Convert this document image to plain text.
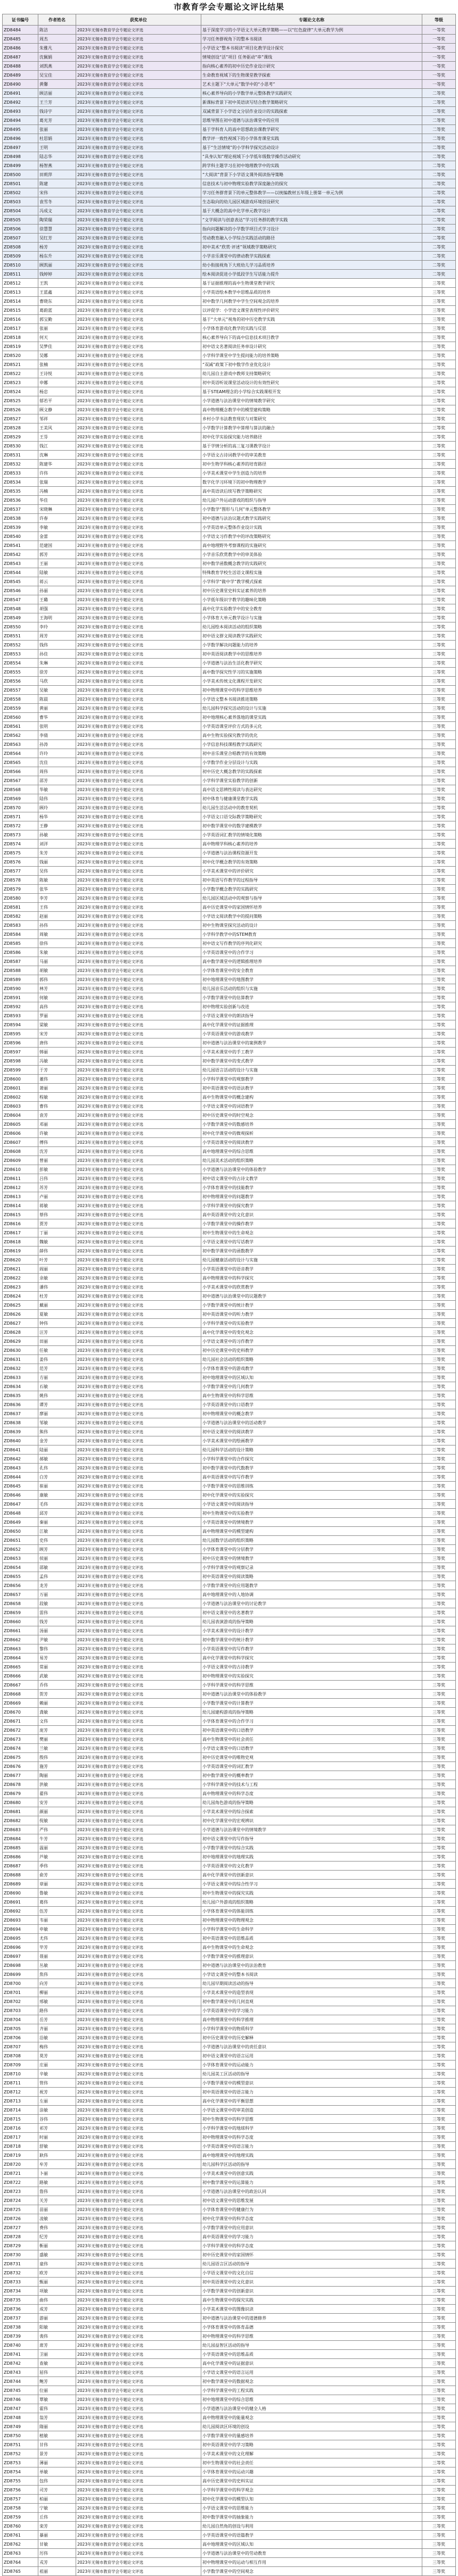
市教育学会专题论文评比结果
证书编号	作者姓名	获奖单位	专题论文名称	等级
ZD8484	陈洁	2023年无锡市教育学会专题论文评选	基于深度学习的小学语文大单元教学策略——以“红色旋律”大单元教学为例	一等奖
ZD8485	周杰	2023年无锡市教育学会专题论文评选	学习任务群视角下的整本书阅读	一等奖
ZD8486	朱雅凡	2023年无锡市教育学会专题论文评选	小学语文“整本书阅读”项目化教学设计探究	一等奖
ZD8487	沈佩娟	2023年无锡市教育学会专题论文评选	情境创设“活”项目 任务驱动“串”课线	一等奖
ZD8488	刘凯燕	2023年无锡市教育学会专题论文评选	指向核心素养的初中历史作业设计研究	一等奖
ZD8489	吴宝佳	2023年无锡市教育学会专题论文评选	生命教育视域下的生物课堂教学探索	一等奖
ZD8490	黄馨	2023年无锡市教育学会专题论文评选	艺术主题下“大单元”数学中的“小思考”	一等奖
ZD8491	顾洁丽	2023年无锡市教育学会专题论文评选	核心素养导向的小学数学单元整体教学实践研究	二等奖
ZD8492	王兰芳	2023年无锡市教育学会专题论文评选	新课标背景下初中英语读写结合教学策略研究	二等奖
ZD8493	钱诗宇	2023年无锡市教育学会专题论文评选	双减背景下小学语文分层作业设计的实践探索	二等奖
ZD8494	葛光芳	2023年无锡市教育学会专题论文评选	思维导图在初中道德与法治课堂中的应用	二等奖
ZD8495	张丽	2023年无锡市教育学会专题论文评选	基于学科育人的高中思想政治课教学研究	二等奖
ZD8496	杜思娟	2023年无锡市教育学会专题论文评选	教学评一致性视域下的小学体育课堂实践	二等奖
ZD8497	王明	2023年无锡市教育学会专题论文评选	基于“生活情境”的小学科学探究活动设计	二等奖
ZD8498	陆志华	2023年无锡市教育学会专题论文评选	“具身认知”理论视域下小学低年级数学操作活动研究	二等奖
ZD8499	杨智燕	2023年无锡市教育学会专题论文评选	跨学科主题学习在初中地理教学中的实践	二等奖
ZD8500	田莉萍	2023年无锡市教育学会专题论文评选	“大阅读”背景下小学语文课外阅读指导策略	二等奖
ZD8501	陈建	2023年无锡市教育学会专题论文评选	信息技术与初中物理实验教学深度融合的探究	二等奖
ZD8502	宋伟	2023年无锡市教育学会专题论文评选	学习任务群背景下的单元整体教学——以统编教材五年级上册第一单元为例	二等奖
ZD8503	袁雪冬	2023年无锡市教育学会专题论文评选	生态取向的幼儿园区域游戏环境创设研究	二等奖
ZD8504	冯成文	2023年无锡市教育学会专题论文评选	基于大概念的高中化学单元教学设计	二等奖
ZD8505	陶荣瑞	2023年无锡市教育学会专题论文评选	“文学阅读与创意表达”学习任务群的教学实践	二等奖
ZD8506	徐慧慧	2023年无锡市教育学会专题论文评选	指向问题解决的小学数学项目式学习设计	二等奖
ZD8507	吴红芳	2023年无锡市教育学会专题论文评选	劳动教育融入小学综合实践活动的路径	二等奖
ZD8508	杨芳	2023年无锡市教育学会专题论文评选	初中美术“欣赏·评述”领域教学策略研究	二等奖
ZD8509	杨东升	2023年无锡市教育学会专题论文评选	小学音乐课堂中的律动教学实践探索	二等奖
ZD8510	顾凯丽	2023年无锡市教育学会专题论文评选	幼小衔接视角下大班幼儿学习品质培养	二等奖
ZD8511	钱婷婷	2023年无锡市教育学会专题论文评选	绘本阅读促进小学低段学生写话能力提升	二等奖
ZD8512	王凯	2023年无锡市教育学会专题论文评选	基于证据推理的高中生物课堂教学研究	三等奖
ZD8513	王蓝鑫	2023年无锡市教育学会专题论文评选	小学英语绘本教学中思维品质的培养	三等奖
ZD8514	曹晓东	2023年无锡市教育学会专题论文评选	初中数学几何教学中学生空间观念的培养	三等奖
ZD8515	葛蔚蓝	2023年无锡市教育学会专题论文评选	以评促学：小学语文课堂表现性评价研究	三等奖
ZD8516	郭宝勤	2023年无锡市教育学会专题论文评选	基于“大单元”视角的初中历史教学实践	三等奖
ZD8517	张丽	2023年无锡市教育学会专题论文评选	小学体育游戏化教学的实践与反思	三等奖
ZD8518	何天	2023年无锡市教育学会专题论文评选	核心素养导向下的高中信息技术项目教学	三等奖
ZD8519	吴梦佳	2023年无锡市教育学会专题论文评选	初中语文名著阅读任务单设计研究	三等奖
ZD8520	吴娜	2023年无锡市教育学会专题论文评选	小学科学课堂中学生提问能力的培养策略	三等奖
ZD8521	张楠	2023年无锡市教育学会专题论文评选	“双减”政策下初中数学作业优化设计	三等奖
ZD8522	王诗悦	2023年无锡市教育学会专题论文评选	幼儿园自主游戏中教师支持策略研究	三等奖
ZD8523	申娜	2023年无锡市教育学会专题论文评选	初中英语听说课堂活动设计的有效性研究	三等奖
ZD8524	杨忠	2023年无锡市教育学会专题论文评选	基于STEAM理念的小学综合实践课程开发	三等奖
ZD8525	郁若平	2023年无锡市教育学会专题论文评选	小学道德与法治课堂中的情境教学研究	三等奖
ZD8526	顾文静	2023年无锡市教育学会专题论文评选	高中物理概念教学中的模型建构策略	三等奖
ZD8527	邹祥	2023年无锡市教育学会专题论文评选	乡村小学书法教育现状与对策研究	三等奖
ZD8528	王美风	2023年无锡市教育学会专题论文评选	小学数学计算教学中算理与算法的融合	三等奖
ZD8529	王芬	2023年无锡市教育学会专题论文评选	初中化学实验探究能力培养路径	三等奖
ZD8530	钱江	2023年无锡市教育学会专题论文评选	基于学情分析的高三复习课教学设计	三等奖
ZD8531	沈琳	2023年无锡市教育学会专题论文评选	小学语文古诗词教学中的审美教育	三等奖
ZD8532	陈建华	2023年无锡市教育学会专题论文评选	初中生物学科核心素养的培育路径	三等奖
ZD8533	许伟	2023年无锡市教育学会专题论文评选	小学美术课堂中学生创造力的培养	三等奖
ZD8534	张瑞	2023年无锡市教育学会专题论文评选	数字化学习环境下的初中物理教学	三等奖
ZD8535	冯楠	2023年无锡市教育学会专题论文评选	高中英语读后续写教学策略研究	三等奖
ZD8536	华佳	2023年无锡市教育学会专题论文评选	幼儿园户外运动游戏的组织与指导	三等奖
ZD8537	宋晓琳	2023年无锡市教育学会专题论文评选	小学数学“图形与几何”单元整体教学	三等奖
ZD8538	许春	2023年无锡市教育学会专题论文评选	初中道德与法治议题式教学实践研究	三等奖
ZD8539	李敏	2023年无锡市教育学会专题论文评选	小学英语单元整体作业设计实践	三等奖
ZD8540	金蕾	2023年无锡市教育学会专题论文评选	小学语文习作教学中的评改策略研究	三等奖
ZD8541	范建国	2023年无锡市教育学会专题论文评选	高中地理野外考察课程的实施研究	三等奖
ZD8542	郭芳	2023年无锡市教育学会专题论文评选	小学音乐欣赏教学中的审美体验	三等奖
ZD8543	王丽	2023年无锡市教育学会专题论文评选	初中数学函数概念教学的实践研究	三等奖
ZD8544	陆敏	2023年无锡市教育学会专题论文评选	特殊教育学校生活语文课程实施	三等奖
ZD8545	蒋云	2023年无锡市教育学会专题论文评选	小学科学“做中学”教学模式探索	三等奖
ZD8546	孙丽	2023年无锡市教育学会专题论文评选	初中历史课堂史料实证素养的培养	三等奖
ZD8547	王璐	2023年无锡市教育学会专题论文评选	小学低年级识字教学的趣味化策略	三等奖
ZD8548	胡强	2023年无锡市教育学会专题论文评选	高中化学实验教学中的安全教育	三等奖
ZD8549	王海明	2023年无锡市教育学会专题论文评选	小学体育大单元教学设计与实施	三等奖
ZD8550	李玲	2023年无锡市教育学会专题论文评选	幼儿园绘本阅读活动的组织策略	三等奖
ZD8551	周芳	2023年无锡市教育学会专题论文评选	初中语文群文阅读教学实践研究	三等奖
ZD8552	钱伟	2023年无锡市教育学会专题论文评选	小学数学解决问题能力的培养	三等奖
ZD8553	孙佳	2023年无锡市教育学会专题论文评选	初中英语阅读教学中的思维培养	三等奖
ZD8554	朱琳	2023年无锡市教育学会专题论文评选	小学道德与法治生活化教学研究	三等奖
ZD8555	徐芳	2023年无锡市教育学会专题论文评选	高中数学探究性学习的实施策略	三等奖
ZD8556	马欣	2023年无锡市教育学会专题论文评选	小学美术传统文化课程开发研究	三等奖
ZD8557	吴敏	2023年无锡市教育学会专题论文评选	初中物理课堂中的科学思维培养	三等奖
ZD8558	陈晨	2023年无锡市教育学会专题论文评选	小学语文整本书阅读推进策略	三等奖
ZD8559	黄丽	2023年无锡市教育学会专题论文评选	幼儿园科学探究活动的设计与实施	三等奖
ZD8560	曹华	2023年无锡市教育学会专题论文评选	初中地理核心素养落地的课堂实践	三等奖
ZD8561	张明	2023年无锡市教育学会专题论文评选	小学英语课堂评价方式的多元化	三等奖
ZD8562	李倩	2023年无锡市教育学会专题论文评选	高中生物实验探究教学的优化	三等奖
ZD8563	孙涛	2023年无锡市教育学会专题论文评选	小学信息科技课程教学实践研究	三等奖
ZD8564	许玲	2023年无锡市教育学会专题论文评选	初中音乐课堂合唱教学的有效策略	三等奖
ZD8565	沈佳	2023年无锡市教育学会专题论文评选	小学数学作业分层设计与实践	三等奖
ZD8566	周伟	2023年无锡市教育学会专题论文评选	初中历史大概念教学的实践探索	三等奖
ZD8567	邵芳	2023年无锡市教育学会专题论文评选	小学科学课堂实验教学的创新	三等奖
ZD8568	华敏	2023年无锡市教育学会专题论文评选	高中语文思辨性阅读与表达研究	三等奖
ZD8569	陆伟	2023年无锡市教育学会专题论文评选	初中体育与健康课堂教学实践	三等奖
ZD8570	顾玲	2023年无锡市教育学会专题论文评选	幼儿园生活活动中的教育契机	三等奖
ZD8571	杨华	2023年无锡市教育学会专题论文评选	小学语文口语交际教学策略研究	三等奖
ZD8572	王静	2023年无锡市教育学会专题论文评选	初中数学课堂中的数学建模教学	三等奖
ZD8573	孙敏	2023年无锡市教育学会专题论文评选	小学英语词汇教学的情境化策略	三等奖
ZD8574	刘洋	2023年无锡市教育学会专题论文评选	高中物理学科核心素养的培养	三等奖
ZD8575	朱芳	2023年无锡市教育学会专题论文评选	小学道德与法治课程资源开发	三等奖
ZD8576	钱丽	2023年无锡市教育学会专题论文评选	初中化学概念教学的有效策略	三等奖
ZD8577	吴伟	2023年无锡市教育学会专题论文评选	小学美术课堂中的评价研究	三等奖
ZD8578	陈敏	2023年无锡市教育学会专题论文评选	初中英语写作教学的过程指导	三等奖
ZD8579	张华	2023年无锡市教育学会专题论文评选	小学数学概念教学的实践研究	三等奖
ZD8580	李芳	2023年无锡市教育学会专题论文评选	幼儿园区域活动中的观察与指导	三等奖
ZD8581	王伟	2023年无锡市教育学会专题论文评选	高中历史课堂中的家国情怀培养	三等奖
ZD8582	赵丽	2023年无锡市教育学会专题论文评选	小学语文阅读教学中的提问策略	三等奖
ZD8583	孙伟	2023年无锡市教育学会专题论文评选	初中生物课堂探究活动的设计	三等奖
ZD8584	周敏	2023年无锡市教育学会专题论文评选	小学科学教学中的STEM教育	三等奖
ZD8585	徐伟	2023年无锡市教育学会专题论文评选	初中语文写作教学的序列化研究	三等奖
ZD8586	朱敏	2023年无锡市教育学会专题论文评选	小学英语课堂中的合作学习	三等奖
ZD8587	马丽	2023年无锡市教育学会专题论文评选	高中数学课堂中的逻辑推理培养	三等奖
ZD8588	胡敏	2023年无锡市教育学会专题论文评选	小学体育课堂中的安全教育	三等奖
ZD8589	郭伟	2023年无锡市教育学会专题论文评选	初中地理课堂中的地图教学	三等奖
ZD8590	林芳	2023年无锡市教育学会专题论文评选	幼儿园音乐活动的组织与实施	三等奖
ZD8591	何敏	2023年无锡市教育学会专题论文评选	小学数学课堂中的估算教学	三等奖
ZD8592	高伟	2023年无锡市教育学会专题论文评选	初中物理实验创新与改进	三等奖
ZD8593	罗丽	2023年无锡市教育学会专题论文评选	小学语文课堂中的朗读指导	三等奖
ZD8594	梁敏	2023年无锡市教育学会专题论文评选	高中化学课堂中的证据推理	三等奖
ZD8595	宋芳	2023年无锡市教育学会专题论文评选	小学英语课堂中的游戏教学	三等奖
ZD8596	唐伟	2023年无锡市教育学会专题论文评选	初中道德与法治课堂中的案例教学	三等奖
ZD8597	韩丽	2023年无锡市教育学会专题论文评选	小学美术课堂中的手工教学	三等奖
ZD8598	冯敏	2023年无锡市教育学会专题论文评选	初中数学课堂中的变式教学	三等奖
ZD8599	于芳	2023年无锡市教育学会专题论文评选	幼儿园语言活动的设计与实施	三等奖
ZD8600	董伟	2023年无锡市教育学会专题论文评选	小学科学课堂中的观察教学	三等奖
ZD8601	萧丽	2023年无锡市教育学会专题论文评选	初中英语课堂中的语法教学	三等奖
ZD8602	程敏	2023年无锡市教育学会专题论文评选	高中生物课堂中的概念建构	三等奖
ZD8603	曹伟	2023年无锡市教育学会专题论文评选	小学语文课堂中的词语教学	三等奖
ZD8604	袁芳	2023年无锡市教育学会专题论文评选	初中历史课堂中的时空观念	三等奖
ZD8605	邓丽	2023年无锡市教育学会专题论文评选	小学数学课堂中的数感培养	三等奖
ZD8606	许敏	2023年无锡市教育学会专题论文评选	初中化学课堂中的微观探析	三等奖
ZD8607	傅伟	2023年无锡市教育学会专题论文评选	小学英语课堂中的阅读教学	三等奖
ZD8608	沈芳	2023年无锡市教育学会专题论文评选	高中地理课堂中的综合思维	三等奖
ZD8609	曾丽	2023年无锡市教育学会专题论文评选	幼儿园美术活动的组织策略	三等奖
ZD8610	彭敏	2023年无锡市教育学会专题论文评选	小学道德与法治课堂中的体验教学	三等奖
ZD8611	吕伟	2023年无锡市教育学会专题论文评选	初中语文课堂中的古诗文教学	三等奖
ZD8612	苏芳	2023年无锡市教育学会专题论文评选	小学体育课堂中的技能教学	三等奖
ZD8613	卢丽	2023年无锡市教育学会专题论文评选	初中物理课堂中的问题教学	三等奖
ZD8614	蒋敏	2023年无锡市教育学会专题论文评选	小学科学课堂中的探究教学	三等奖
ZD8615	蔡伟	2023年无锡市教育学会专题论文评选	高中英语课堂中的文化意识	三等奖
ZD8616	贾芳	2023年无锡市教育学会专题论文评选	小学数学课堂中的操作教学	三等奖
ZD8617	丁丽	2023年无锡市教育学会专题论文评选	初中生物课堂中的生命观念	三等奖
ZD8618	魏敏	2023年无锡市教育学会专题论文评选	小学语文课堂中的写话教学	三等奖
ZD8619	薛伟	2023年无锡市教育学会专题论文评选	初中数学课堂中的函数教学	三等奖
ZD8620	叶芳	2023年无锡市教育学会专题论文评选	幼儿园健康活动的设计与实施	三等奖
ZD8621	阎丽	2023年无锡市教育学会专题论文评选	小学英语课堂中的语音教学	三等奖
ZD8622	余敏	2023年无锡市教育学会专题论文评选	高中物理课堂中的科学探究	三等奖
ZD8623	潘伟	2023年无锡市教育学会专题论文评选	小学美术课堂中的欣赏教学	三等奖
ZD8624	杜芳	2023年无锡市教育学会专题论文评选	初中道德与法治课堂中的议题教学	三等奖
ZD8625	戴丽	2023年无锡市教育学会专题论文评选	小学数学课堂中的统计教学	三等奖
ZD8626	夏敏	2023年无锡市教育学会专题论文评选	初中英语课堂中的听力教学	三等奖
ZD8627	钟伟	2023年无锡市教育学会专题论文评选	小学科学课堂中的实验教学	三等奖
ZD8628	汪芳	2023年无锡市教育学会专题论文评选	高中化学课堂中的变化观念	三等奖
ZD8629	田丽	2023年无锡市教育学会专题论文评选	小学语文课堂中的习作教学	三等奖
ZD8630	任敏	2023年无锡市教育学会专题论文评选	初中历史课堂中的史料教学	三等奖
ZD8631	姜伟	2023年无锡市教育学会专题论文评选	幼儿园社会活动的组织策略	三等奖
ZD8632	范芳	2023年无锡市教育学会专题论文评选	小学体育课堂中的游戏教学	三等奖
ZD8633	方丽	2023年无锡市教育学会专题论文评选	初中地理课堂中的区域认知	三等奖
ZD8634	石敏	2023年无锡市教育学会专题论文评选	小学数学课堂中的几何教学	三等奖
ZD8635	姚伟	2023年无锡市教育学会专题论文评选	高中生物课堂中的科学思维	三等奖
ZD8636	谭芳	2023年无锡市教育学会专题论文评选	小学英语课堂中的口语教学	三等奖
ZD8637	廖丽	2023年无锡市教育学会专题论文评选	初中物理课堂中的概念教学	三等奖
ZD8638	邹敏	2023年无锡市教育学会专题论文评选	小学道德与法治课堂中的活动教学	三等奖
ZD8639	熊伟	2023年无锡市教育学会专题论文评选	初中语文课堂中的阅读教学	三等奖
ZD8640	金芳	2023年无锡市教育学会专题论文评选	小学美术课堂中的绘画教学	三等奖
ZD8641	陆丽	2023年无锡市教育学会专题论文评选	幼儿园科学活动的设计策略	三等奖
ZD8642	郝敏	2023年无锡市教育学会专题论文评选	小学科学课堂中的合作探究	三等奖
ZD8643	孔伟	2023年无锡市教育学会专题论文评选	初中数学课堂中的代数教学	三等奖
ZD8644	白芳	2023年无锡市教育学会专题论文评选	高中英语课堂中的写作教学	三等奖
ZD8645	崔丽	2023年无锡市教育学会专题论文评选	小学数学课堂中的思维训练	三等奖
ZD8646	康敏	2023年无锡市教育学会专题论文评选	初中化学课堂中的实验探究	三等奖
ZD8647	毛伟	2023年无锡市教育学会专题论文评选	小学语文课堂中的阅读指导	三等奖
ZD8648	邱芳	2023年无锡市教育学会专题论文评选	初中生物课堂中的实验教学	三等奖
ZD8649	秦丽	2023年无锡市教育学会专题论文评选	小学英语课堂中的情境教学	三等奖
ZD8650	江敏	2023年无锡市教育学会专题论文评选	高中物理课堂中的模型建构	三等奖
ZD8651	史伟	2023年无锡市教育学会专题论文评选	幼儿园数学活动的组织策略	三等奖
ZD8652	顾芳	2023年无锡市教育学会专题论文评选	小学体育课堂中的分层教学	三等奖
ZD8653	侯丽	2023年无锡市教育学会专题论文评选	初中历史课堂中的情境教学	三等奖
ZD8654	邵敏	2023年无锡市教育学会专题论文评选	小学科学课堂中的观察记录	三等奖
ZD8655	孟伟	2023年无锡市教育学会专题论文评选	初中英语课堂中的阅读策略	三等奖
ZD8656	龙芳	2023年无锡市教育学会专题论文评选	小学数学课堂中的应用题教学	三等奖
ZD8657	万丽	2023年无锡市教育学会专题论文评选	高中地理课堂中的人地协调	三等奖
ZD8658	段敏	2023年无锡市教育学会专题论文评选	小学道德与法治课堂中的讨论教学	三等奖
ZD8659	雷伟	2023年无锡市教育学会专题论文评选	初中语文课堂中的名著教学	三等奖
ZD8660	钱芳	2023年无锡市教育学会专题论文评选	幼儿园表演游戏的指导策略	三等奖
ZD8661	汤丽	2023年无锡市教育学会专题论文评选	小学美术课堂中的设计教学	三等奖
ZD8662	尹敏	2023年无锡市教育学会专题论文评选	初中数学课堂中的统计教学	三等奖
ZD8663	黎伟	2023年无锡市教育学会专题论文评选	小学英语课堂中的写作教学	三等奖
ZD8664	易芳	2023年无锡市教育学会专题论文评选	高中化学课堂中的科学探究	三等奖
ZD8665	常丽	2023年无锡市教育学会专题论文评选	小学语文课堂中的古诗教学	三等奖
ZD8666	武敏	2023年无锡市教育学会专题论文评选	初中物理课堂中的实验探究	三等奖
ZD8667	乔伟	2023年无锡市教育学会专题论文评选	小学科学课堂中的科学思维	三等奖
ZD8668	贺芳	2023年无锡市教育学会专题论文评选	初中道德与法治课堂中的体验教学	三等奖
ZD8669	赖丽	2023年无锡市教育学会专题论文评选	小学数学课堂中的计算教学	三等奖
ZD8670	龚敏	2023年无锡市教育学会专题论文评选	幼儿园建构游戏的指导策略	三等奖
ZD8671	文伟	2023年无锡市教育学会专题论文评选	小学体育课堂中的合作学习	三等奖
ZD8672	庞芳	2023年无锡市教育学会专题论文评选	初中英语课堂中的口语教学	三等奖
ZD8673	樊丽	2023年无锡市教育学会专题论文评选	高中生物课堂中的社会责任	三等奖
ZD8674	兰敏	2023年无锡市教育学会专题论文评选	小学语文课堂中的口语教学	三等奖
ZD8675	殷伟	2023年无锡市教育学会专题论文评选	初中历史课堂中的唯物史观	三等奖
ZD8676	施芳	2023年无锡市教育学会专题论文评选	小学英语课堂中的词汇教学	三等奖
ZD8677	陶丽	2023年无锡市教育学会专题论文评选	初中数学课堂中的概率教学	三等奖
ZD8678	洪敏	2023年无锡市教育学会专题论文评选	小学科学课堂中的技术与工程	三等奖
ZD8679	翟伟	2023年无锡市教育学会专题论文评选	高中物理课堂中的科学态度	三等奖
ZD8680	安芳	2023年无锡市教育学会专题论文评选	幼儿园角色游戏的指导策略	三等奖
ZD8681	颜丽	2023年无锡市教育学会专题论文评选	小学美术课堂中的综合探索	三等奖
ZD8682	倪敏	2023年无锡市教育学会专题论文评选	初中化学课堂中的宏观辨识	三等奖
ZD8683	严伟	2023年无锡市教育学会专题论文评选	小学道德与法治课堂中的情境教学	三等奖
ZD8684	牛芳	2023年无锡市教育学会专题论文评选	初中语文课堂中的写作指导	三等奖
ZD8685	温丽	2023年无锡市教育学会专题论文评选	小学数学课堂中的综合实践	三等奖
ZD8686	芦敏	2023年无锡市教育学会专题论文评选	初中地理课堂中的地理实践	三等奖
ZD8687	季伟	2023年无锡市教育学会专题论文评选	小学英语课堂中的文化教学	三等奖
ZD8688	俞芳	2023年无锡市教育学会专题论文评选	高中化学课堂中的创新意识	三等奖
ZD8689	章丽	2023年无锡市教育学会专题论文评选	小学语文课堂中的综合性学习	三等奖
ZD8690	鲁敏	2023年无锡市教育学会专题论文评选	初中生物课堂中的探究实践	三等奖
ZD8691	葛伟	2023年无锡市教育学会专题论文评选	幼儿园户外游戏的组织策略	三等奖
ZD8692	伍芳	2023年无锡市教育学会专题论文评选	小学体育课堂中的体能训练	三等奖
ZD8693	韦丽	2023年无锡市教育学会专题论文评选	初中物理课堂中的物理观念	三等奖
ZD8694	申敏	2023年无锡市教育学会专题论文评选	小学科学课堂中的生命科学	三等奖
ZD8695	尤伟	2023年无锡市教育学会专题论文评选	初中英语课堂中的思维品质	三等奖
ZD8696	毕芳	2023年无锡市教育学会专题论文评选	高中生物课堂中的生命观念	三等奖
ZD8697	聂丽	2023年无锡市教育学会专题论文评选	小学数学课堂中的推理意识	三等奖
ZD8698	丛敏	2023年无锡市教育学会专题论文评选	初中道德与法治课堂中的法治教育	三等奖
ZD8699	焦伟	2023年无锡市教育学会专题论文评选	小学语文课堂中的整本书阅读	三等奖
ZD8700	向芳	2023年无锡市教育学会专题论文评选	幼儿园早期阅读活动的指导	三等奖
ZD8701	柳丽	2023年无锡市教育学会专题论文评选	小学美术课堂中的造型表现	三等奖
ZD8702	邢敏	2023年无锡市教育学会专题论文评选	初中数学课堂中的几何直观	三等奖
ZD8703	路伟	2023年无锡市教育学会专题论文评选	小学英语课堂中的学习能力	三等奖
ZD8704	岳芳	2023年无锡市教育学会专题论文评选	高中物理课堂中的科学推理	三等奖
ZD8705	齐丽	2023年无锡市教育学会专题论文评选	小学科学课堂中的物质科学	三等奖
ZD8706	沿敏	2023年无锡市教育学会专题论文评选	初中历史课堂中的历史解释	三等奖
ZD8707	梅伟	2023年无锡市教育学会专题论文评选	小学道德与法治课堂中的责任意识	三等奖
ZD8708	莫芳	2023年无锡市教育学会专题论文评选	初中语文课堂中的语言运用	三等奖
ZD8709	庄丽	2023年无锡市教育学会专题论文评选	小学体育课堂中的运动能力	三等奖
ZD8710	辛敏	2023年无锡市教育学会专题论文评选	幼儿园美工区活动的指导	三等奖
ZD8711	管伟	2023年无锡市教育学会专题论文评选	小学数学课堂中的模型意识	三等奖
ZD8712	祝芳	2023年无锡市教育学会专题论文评选	初中英语课堂中的语言能力	三等奖
ZD8713	左丽	2023年无锡市教育学会专题论文评选	高中化学课堂中的平衡思想	三等奖
ZD8714	涂敏	2023年无锡市教育学会专题论文评选	小学语文课堂中的审美创造	三等奖
ZD8715	谷伟	2023年无锡市教育学会专题论文评选	初中生物课堂中的科学思维	三等奖
ZD8716	祁芳	2023年无锡市教育学会专题论文评选	小学科学课堂中的地球科学	三等奖
ZD8717	时丽	2023年无锡市教育学会专题论文评选	初中物理课堂中的科学态度	三等奖
ZD8718	舒敏	2023年无锡市教育学会专题论文评选	小学英语课堂中的语言能力	三等奖
ZD8719	耿伟	2023年无锡市教育学会专题论文评选	高中地理课堂中的地理实践	三等奖
ZD8720	牟芳	2023年无锡市教育学会专题论文评选	幼儿园科学区活动的指导	三等奖
ZD8721	卜丽	2023年无锡市教育学会专题论文评选	小学美术课堂中的创意实践	三等奖
ZD8722	路敏	2023年无锡市教育学会专题论文评选	初中数学课堂中的运算能力	三等奖
ZD8723	詹伟	2023年无锡市教育学会专题论文评选	小学道德与法治课堂中的政治认同	三等奖
ZD8724	关芳	2023年无锡市教育学会专题论文评选	初中语文课堂中的思维发展	三等奖
ZD8725	苗丽	2023年无锡市教育学会专题论文评选	小学体育课堂中的健康行为	三等奖
ZD8726	凌敏	2023年无锡市教育学会专题论文评选	初中化学课堂中的科学态度	三等奖
ZD8727	费伟	2023年无锡市教育学会专题论文评选	小学数学课堂中的应用意识	三等奖
ZD8728	纪芳	2023年无锡市教育学会专题论文评选	高中英语课堂中的学习能力	三等奖
ZD8729	靳丽	2023年无锡市教育学会专题论文评选	小学科学课堂中的科学态度	三等奖
ZD8730	盛敏	2023年无锡市教育学会专题论文评选	初中历史课堂中的家国情怀	三等奖
ZD8731	童伟	2023年无锡市教育学会专题论文评选	幼儿园语言区活动的指导	三等奖
ZD8732	欧芳	2023年无锡市教育学会专题论文评选	小学语文课堂中的文化自信	三等奖
ZD8733	甄丽	2023年无锡市教育学会专题论文评选	初中英语课堂中的文化意识	三等奖
ZD8734	项敏	2023年无锡市教育学会专题论文评选	小学数学课堂中的创新意识	三等奖
ZD8735	曲伟	2023年无锡市教育学会专题论文评选	高中生物课堂中的探究实践	三等奖
ZD8736	成芳	2023年无锡市教育学会专题论文评选	小学美术课堂中的图像识读	三等奖
ZD8737	游丽	2023年无锡市教育学会专题论文评选	初中道德与法治课堂中的道德修养	三等奖
ZD8738	阳敏	2023年无锡市教育学会专题论文评选	小学体育课堂中的体育品德	三等奖
ZD8739	裴伟	2023年无锡市教育学会专题论文评选	初中物理课堂中的科学思维	三等奖
ZD8740	席芳	2023年无锡市教育学会专题论文评选	幼儿园益智区活动的指导	三等奖
ZD8741	卫丽	2023年无锡市教育学会专题论文评选	小学英语课堂中的思维品质	三等奖
ZD8742	查敏	2023年无锡市教育学会专题论文评选	高中化学课堂中的证据意识	三等奖
ZD8743	屈伟	2023年无锡市教育学会专题论文评选	小学语文课堂中的语言运用	三等奖
ZD8744	鲍芳	2023年无锡市教育学会专题论文评选	初中数学课堂中的数据观念	三等奖
ZD8745	位丽	2023年无锡市教育学会专题论文评选	小学科学课堂中的工程实践	三等奖
ZD8746	覃敏	2023年无锡市教育学会专题论文评选	初中地理课堂中的综合思维	三等奖
ZD8747	霍伟	2023年无锡市教育学会专题论文评选	小学道德与法治课堂中的健全人格	三等奖
ZD8748	翁芳	2023年无锡市教育学会专题论文评选	高中物理课堂中的能量观念	三等奖
ZD8749	隋丽	2023年无锡市教育学会专题论文评选	幼儿园阅读区环境的创设	三等奖
ZD8750	植敏	2023年无锡市教育学会专题论文评选	小学数学课堂中的量感培养	三等奖
ZD8751	甘伟	2023年无锡市教育学会专题论文评选	初中英语课堂中的学习策略	三等奖
ZD8752	景芳	2023年无锡市教育学会专题论文评选	小学美术课堂中的文化理解	三等奖
ZD8753	薄丽	2023年无锡市教育学会专题论文评选	初中生物课堂中的社会责任	三等奖
ZD8754	单敏	2023年无锡市教育学会专题论文评选	小学体育课堂中的运动兴趣	三等奖
ZD8755	包伟	2023年无锡市教育学会专题论文评选	高中历史课堂中的史料实证	三等奖
ZD8756	司芳	2023年无锡市教育学会专题论文评选	小学科学课堂中的科学观念	三等奖
ZD8757	柏丽	2023年无锡市教育学会专题论文评选	初中化学课堂中的模型认知	三等奖
ZD8758	宁敏	2023年无锡市教育学会专题论文评选	小学语文课堂中的思维能力	三等奖
ZD8759	丘伟	2023年无锡市教育学会专题论文评选	初中数学课堂中的抽象能力	三等奖
ZD8760	栾芳	2023年无锡市教育学会专题论文评选	幼儿园自然角的创设与利用	三等奖
ZD8761	暴丽	2023年无锡市教育学会专题论文评选	小学英语课堂中的语篇教学	三等奖
ZD8762	甘敏	2023年无锡市教育学会专题论文评选	高中地理课堂中的区域认知	三等奖
ZD8763	厉伟	2023年无锡市教育学会专题论文评选	小学道德与法治课堂中的劳动教育	三等奖
ZD8764	戎芳	2023年无锡市教育学会专题论文评选	初中物理课堂中的运动与相互作用	三等奖
ZD8765	祖丽	2023年无锡市教育学会专题论文评选	小学数学课堂中的空间观念	三等奖
